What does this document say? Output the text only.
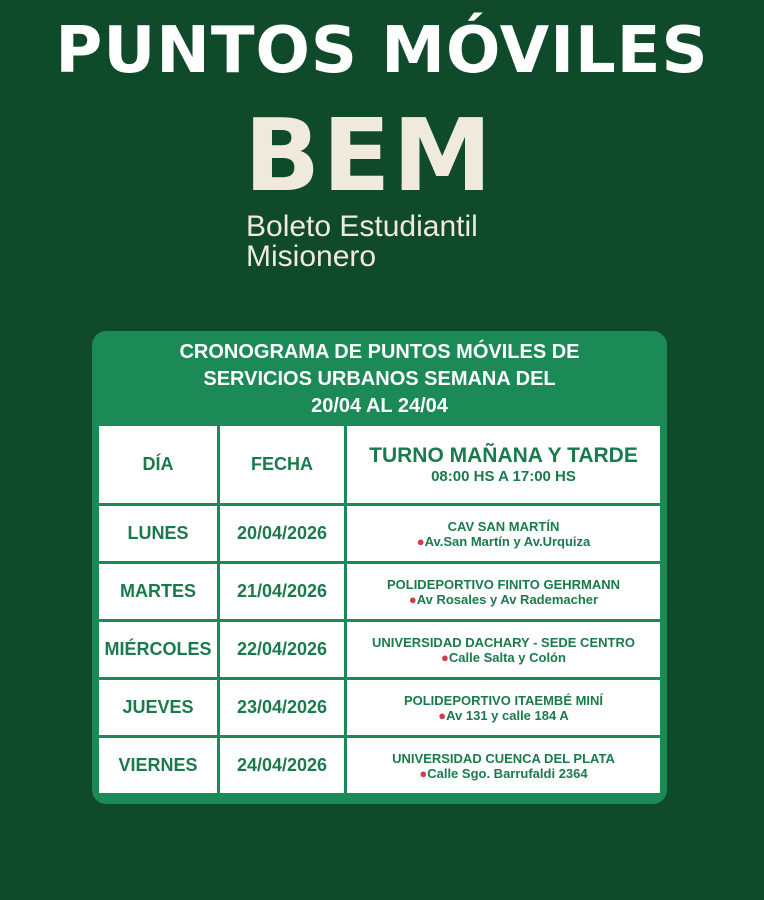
PUNTOS MÓVILES
BEM
Boleto Estudiantil
Misionero
CRONOGRAMA DE PUNTOS MÓVILES DE
SERVICIOS URBANOS SEMANA DEL
20/04 AL 24/04
DÍA	FECHA	TURNO MAÑANA Y TARDE
08:00 HS A 17:00 HS

LUNES	20/04/2026	CAV SAN MARTÍN
●Av.San Martín y Av.Urquiza

MARTES	21/04/2026	POLIDEPORTIVO FINITO GEHRMANN
●Av Rosales y Av Rademacher

MIÉRCOLES	22/04/2026	UNIVERSIDAD DACHARY - SEDE CENTRO
●Calle Salta y Colón

JUEVES	23/04/2026	POLIDEPORTIVO ITAEMBÉ MINÍ
●Av 131 y calle 184 A

VIERNES	24/04/2026	UNIVERSIDAD CUENCA DEL PLATA
●Calle Sgo. Barrufaldi 2364
